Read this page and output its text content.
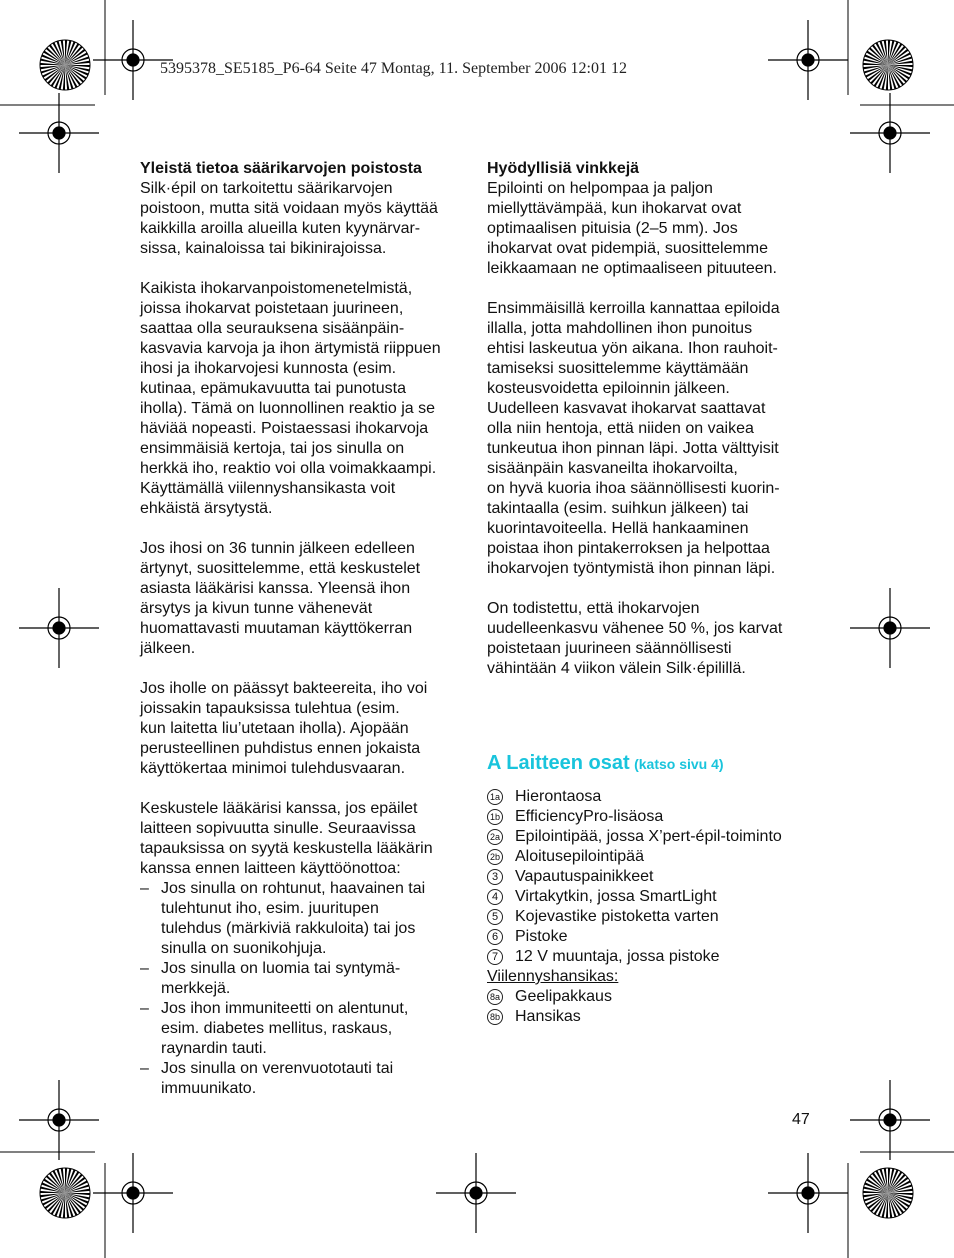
5395378_SE5185_P6-64 Seite 47 Montag, 11. September 2006 12:01 12
Yleistä tietoa säärikarvojen poistosta

Silk·épil on tarkoitettu säärikarvojen
poistoon, mutta sitä voidaan myös käyttää
kaikkilla aroilla alueilla kuten kyynärvar-
sissa, kainaloissa tai bikinirajoissa.

Kaikista ihokarvanpoistomenetelmistä,
joissa ihokarvat poistetaan juurineen,
saattaa olla seurauksena sisäänpäin-
kasvavia karvoja ja ihon ärtymistä riippuen
ihosi ja ihokarvojesi kunnosta (esim.
kutinaa, epämukavuutta tai punotusta
iholla). Tämä on luonnollinen reaktio ja se
häviää nopeasti. Poistaessasi ihokarvoja
ensimmäisiä kertoja, tai jos sinulla on
herkkä iho, reaktio voi olla voimakkaampi.
Käyttämällä viilennyshansikasta voit
ehkäistä ärsytystä.

Jos ihosi on 36 tunnin jälkeen edelleen
ärtynyt, suosittelemme, että keskustelet
asiasta lääkärisi kanssa. Yleensä ihon
ärsytys ja kivun tunne vähenevät
huomattavasti muutaman käyttökerran
jälkeen.

Jos iholle on päässyt bakteereita, iho voi
joissakin tapauksissa tulehtua (esim.
kun laitetta liu’utetaan iholla). Ajopään
perusteellinen puhdistus ennen jokaista
käyttökertaa minimoi tulehdusvaaran.

Keskustele lääkärisi kanssa, jos epäilet
laitteen sopivuutta sinulle. Seuraavissa
tapauksissa on syytä keskustella lääkärin
kanssa ennen laitteen käyttöönottoa:

– Jos sinulla on rohtunut, haavainen tai
tulehtunut iho, esim. juuritupen
tulehdus (märkiviä rakkuloita) tai jos
sinulla on suonikohjuja.
– Jos sinulla on luomia tai syntymä-
merkkejä.
– Jos ihon immuniteetti on alentunut,
esim. diabetes mellitus, raskaus,
raynardin tauti.
– Jos sinulla on verenvuototauti tai
immuunikato.
Hyödyllisiä vinkkejä

Epilointi on helpompaa ja paljon
miellyttävämpää, kun ihokarvat ovat
optimaalisen pituisia (2–5 mm). Jos
ihokarvat ovat pidempiä, suosittelemme
leikkaamaan ne optimaaliseen pituuteen.

Ensimmäisillä kerroilla kannattaa epiloida
illalla, jotta mahdollinen ihon punoitus
ehtisi laskeutua yön aikana. Ihon rauhoit-
tamiseksi suosittelemme käyttämään
kosteusvoidetta epiloinnin jälkeen.
Uudelleen kasvavat ihokarvat saattavat
olla niin hentoja, että niiden on vaikea
tunkeutua ihon pinnan läpi. Jotta välttyisit
sisäänpäin kasvaneilta ihokarvoilta,
on hyvä kuoria ihoa säännöllisesti kuorin-
takintaalla (esim. suihkun jälkeen) tai
kuorintavoiteella. Hellä hankaaminen
poistaa ihon pintakerroksen ja helpottaa
ihokarvojen työntymistä ihon pinnan läpi.

On todistettu, että ihokarvojen
uudelleenkasvu vähenee 50 %, jos karvat
poistetaan juurineen säännöllisesti
vähintään 4 viikon välein Silk·épilillä.

A Laitteen osat (katso sivu 4)
1a Hierontaosa
1b EfficiencyPro-lisäosa
2a Epilointipää, jossa X’pert-épil-toiminto
2b Aloitusepilointipää
3	Vapautuspainikkeet
4	Virtakytkin, jossa SmartLight
5	Kojevastike pistoketta varten
6	Pistoke
7	12 V muuntaja, jossa pistoke
Viilennyshansikas:
8a Geelipakkaus
8b Hansikas
47
